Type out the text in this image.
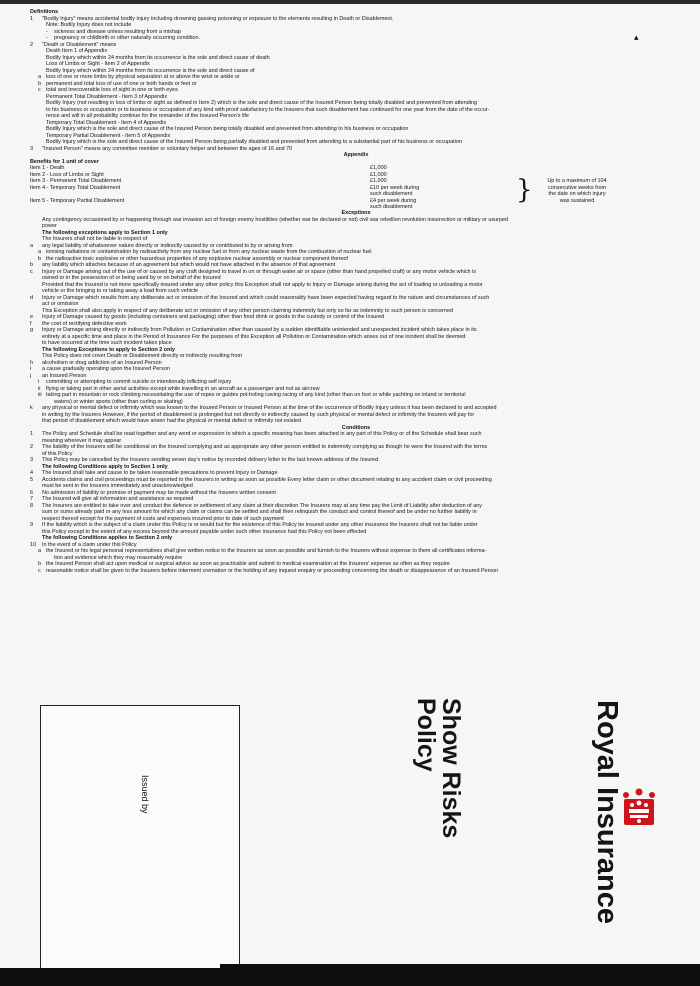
▴
Definitions
1 "Bodily Injury" means accidental bodily injury including drowning gassing poisoning or exposure to the elements resulting in Death or Disablement.
Note: Bodily Injury does not include
- sickness and disease unless resulting from a mishap
- pregnancy or childbirth or other naturally occurring condition.
2 "Death or Disablement" means
Death Item 1 of Appendix
Bodily Injury which within 24 months from its occurrence is the sole and direct cause of death
Loss of Limbs or Sight - Item 2 of Appendix
Bodily Injury which within 24 months from its occurrence is the sole and direct cause of
a loss of one or more limbs by physical separation at or above the wrist or ankle or
b permanent and total loss of use of one or both hands or feet or
c total and irrecoverable loss of sight in one or both eyes
Permanent Total Disablement - Item 3 of Appendix
Bodily Injury (not resulting in loss of limbs or sight as defined in Item 2) which is the sole and direct cause of the Insured Person being totally disabled and prevented from attending
to his business or occupation or to business or occupation of any kind with proof satisfactory to the Insurers that such disablement has continued for one year from the date of the occur-
rence and will in all probability continue for the remainder of the Insured Person's life
Temporary Total Disablement - Item 4 of Appendix
Bodily Injury which is the sole and direct cause of the Insured Person being totally disabled and prevented from attending to his business or occupation
Temporary Partial Disablement - Item 5 of Appendix
Bodily Injury which is the sole and direct cause of the Insured Person being partially disabled and prevented from attending to a substantial part of his business or occupation
3 "Insured Person" means any committee member or voluntary helper and between the ages of 16 and 70
Appendix
Benefits for 1 unit of cover
Item 1 - Death	£1,000
Item 2 - Loss of Limbs or Sight	£1,000
Item 3 - Permanent Total Disablement	£1,000
Item 4 - Temporary Total Disablement	£10 per week during
such disablement
Item 5 - Temporary Partial Disablement	£4 per week during
such disablement
}	Up to a maximum of 104
consecutive weeks from
the date on which injury
was sustained
Exceptions
Any contingency occasioned by or happening through war invasion act of foreign enemy hostilities (whether war be declared or not) civil war rebellion revolution insurrection or military or usurped
power
The following exceptions apply to Section 1 only
The Insurers shall not be liable in respect of
a any legal liability of whatsoever nature directly or indirectly caused by or contributed to by or arising from
a ionising radiations or contamination by radioactivity from any nuclear fuel or from any nuclear waste from the combustion of nuclear fuel
b the radioactive toxic explosive or other hazardous properties of any explosive nuclear assembly or nuclear component thereof
b any liability which attaches because of an agreement but which would not have attached in the absence of that agreement
c Injury or Damage arising out of the use of or caused by any craft designed to travel in on or through water air or space (other than hand propelled craft) or any motor vehicle which is
owned or in the possession of or being used by or on behalf of the Insured
Provided that the Insured is not more specifically insured under any other policy this Exception shall not apply to Injury or Damage arising during the act of loading or unloading a motor
vehicle or the bringing to or taking away a load from such vehicle
d Injury or Damage which results from any deliberate act or omission of the Insured and which could reasonably have been expected having regard to the nature and circumstances of such
act or omission
This Exception shall also apply in respect of any deliberate act or omission of any other person claiming indemnity but only so far as indemnity to such person is concerned
e Injury of Damage caused by goods (including containers and packaging) other than food drink or goods in the custody or control of the Insured
f the cost of rectifying defective work
g Injury or Damage arising directly or indirectly from Pollution or Contamination other than caused by a sudden identifiable unintended and unexpected incident which takes place in its
entirety at a specific time and place in the Period of Insurance For the purposes of this Exception all Pollution or Contamination which arises out of one incident shall be deemed
to have occurred at the time such incident takes place
The following Exceptions to apply to Section 2 only
This Policy does not cover Death or Disablement directly or indirectly resulting from
h alcoholism or drug addiction of an Insured Person
i a cause gradually operating upon the Insured Person
j an Insured Person
i committing or attempting to commit suicide or intentionally inflicting self injury
ii flying or taking part in other aerial activities except while travelling in an aircraft as a passenger and not as aircrew
iii taking part in mountain or rock climbing necessitating the use of ropes or guides pot-holing caving racing of any kind (other than on foot or while yachting on inland or territorial
waters) or winter sports (other than curling or skating)
k any physical or mental defect or infirmity which was known to the Insured Person or Insured Person at the time of the occurrence of Bodily Injury unless it has been declared to and accepted
in writing by the Insurers However, if the period of disablement is prolonged but not directly or indirectly caused by such physical or mental defect or infirmity the Insurers will pay for
that period of disablement which would have arisen had the physical or mental defect or infirmity not existed
Conditions
1 The Policy and Schedule shall be read together and any word or expression to which a specific meaning has been attached in any part of this Policy or of the Schedule shall bear such
meaning wherever it may appear
2 The liability of the Insurers will be conditional on the Insured complying and as appropriate any other person entitled to indemnity complying as though he were the Insured with the terms
of this Policy
3 This Policy may be cancelled by the Insurers sending seven day's notice by recorded delivery letter to the last known address of the Insured
The following Conditions apply to Section 1 only
4 The Insured shall take and cause to be taken reasonable precautions to prevent Injury or Damage
5 Accidents claims and civil proceedings must be reported to the Insurers in writing as soon as possible Every letter claim or other document relating to any accident claim or civil proceeding
must be sent to the Insurers immediately and unacknowledged
6 No admission of liability or promise of payment may be made without the Insurers written consent
7 The Insured will give all information and assistance as required
8 The Insurers are entitled to take over and conduct the defence or settlement of any claim at their discretion The Insurers may at any time pay the Limit of Liability after deduction of any
sum or sums already paid or any less amount for which any claim or claims can be settled and shall then relinquish the conduct and control thereof and be under no further liability in
respect thereof except for the payment of costs and expenses incurred prior to date of such payment
9 If the liability which is the subject of a claim under this Policy is or would but for the existence of this Policy be insured under any other insurance the Insurers shall not be liable under
this Policy except to the extent of any excess beyond the amount payable under such other insurance had this Policy not been effected
The following Conditions applies to Section 2 only
10 In the event of a claim under this Policy
a the Insured or his legal personal representatives shall give written notice to the Insurers as soon as possible and furnish to the Insurers without expense to them all certificates informa-
tion and evidence which they may reasonably require
b the Insured Person shall act upon medical or surgical advice as soon as practicable and submit to medical examination at the Insurers' expense as often as they require
c reasonable notice shall be given to the Insurers before interment cremation or the holding of any inquest enquiry or proceeding concerning the death or disappearance of an Insured Person
Issued by	Show Risks
Policy	Royal Insurance
